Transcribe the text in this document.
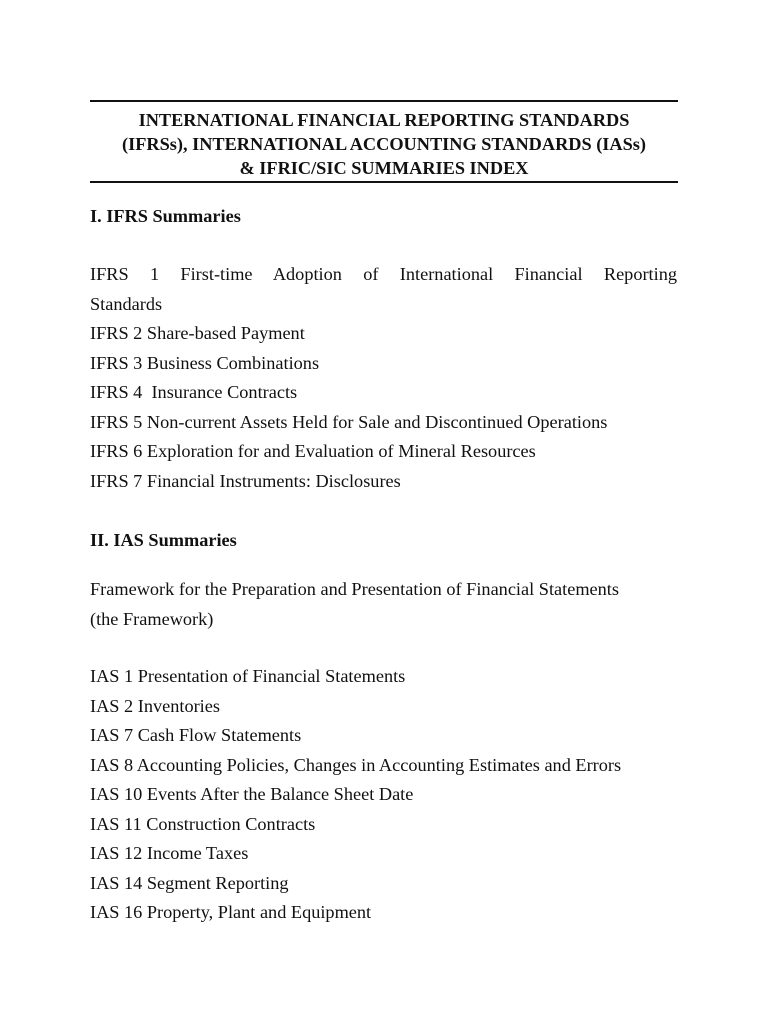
INTERNATIONAL FINANCIAL REPORTING STANDARDS
(IFRSs), INTERNATIONAL ACCOUNTING STANDARDS (IASs)
& IFRIC/SIC SUMMARIES INDEX
I. IFRS Summaries
IFRS 1 First-time Adoption of International Financial Reporting
Standards
IFRS 2 Share-based Payment
IFRS 3 Business Combinations
IFRS 4  Insurance Contracts
IFRS 5 Non-current Assets Held for Sale and Discontinued Operations
IFRS 6 Exploration for and Evaluation of Mineral Resources
IFRS 7 Financial Instruments: Disclosures
II. IAS Summaries
Framework for the Preparation and Presentation of Financial Statements
(the Framework)
IAS 1 Presentation of Financial Statements
IAS 2 Inventories
IAS 7 Cash Flow Statements
IAS 8 Accounting Policies, Changes in Accounting Estimates and Errors
IAS 10 Events After the Balance Sheet Date
IAS 11 Construction Contracts
IAS 12 Income Taxes
IAS 14 Segment Reporting
IAS 16 Property, Plant and Equipment
